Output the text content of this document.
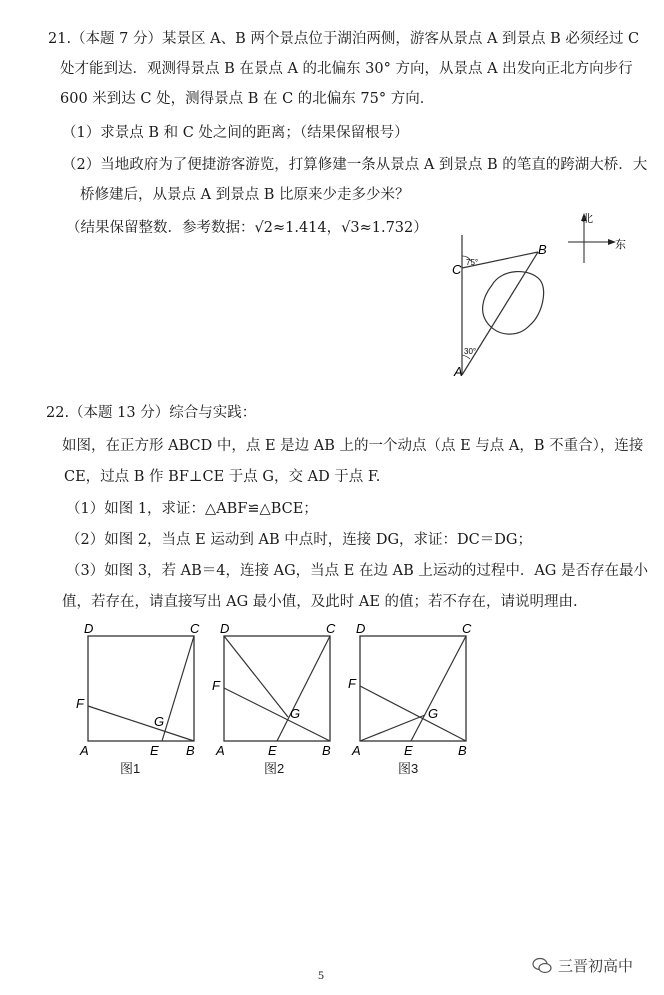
21.（本题 7 分）某景区 A、B 两个景点位于湖泊两侧，游客从景点 A 到景点 B 必须经过 C
处才能到达．观测得景点 B 在景点 A 的北偏东 30° 方向，从景点 A 出发向正北方向步行
600 米到达 C 处，测得景点 B 在 C 的北偏东 75° 方向．
（1）求景点 B 和 C 处之间的距离；（结果保留根号）
（2）当地政府为了便捷游客游览，打算修建一条从景点 A 到景点 B 的笔直的跨湖大桥．大
桥修建后，从景点 A 到景点 B 比原来少走多少米？
（结果保留整数．参考数据：√2≈1.414，√3≈1.732）
北
东
75°
30°
C
B
A
22.（本题 13 分）综合与实践：
如图，在正方形 ABCD 中，点 E 是边 AB 上的一个动点（点 E 与点 A，B 不重合），连接
CE，过点 B 作 BF⊥CE 于点 G，交 AD 于点 F.
（1）如图 1，求证：△ABF≌△BCE；
（2）如图 2，当点 E 运动到 AB 中点时，连接 DG，求证：DC＝DG；
（3）如图 3，若 AB＝4，连接 AG，当点 E 在边 AB 上运动的过程中．AG 是否存在最小
值，若存在，请直接写出 AG 最小值，及此时 AE 的值；若不存在，请说明理由.
D	C
F
G
A	E B
图1
D	C
F
G
A	E	B
图2
D	C
F
G
A	E	B
图3
5	三晋初高中
